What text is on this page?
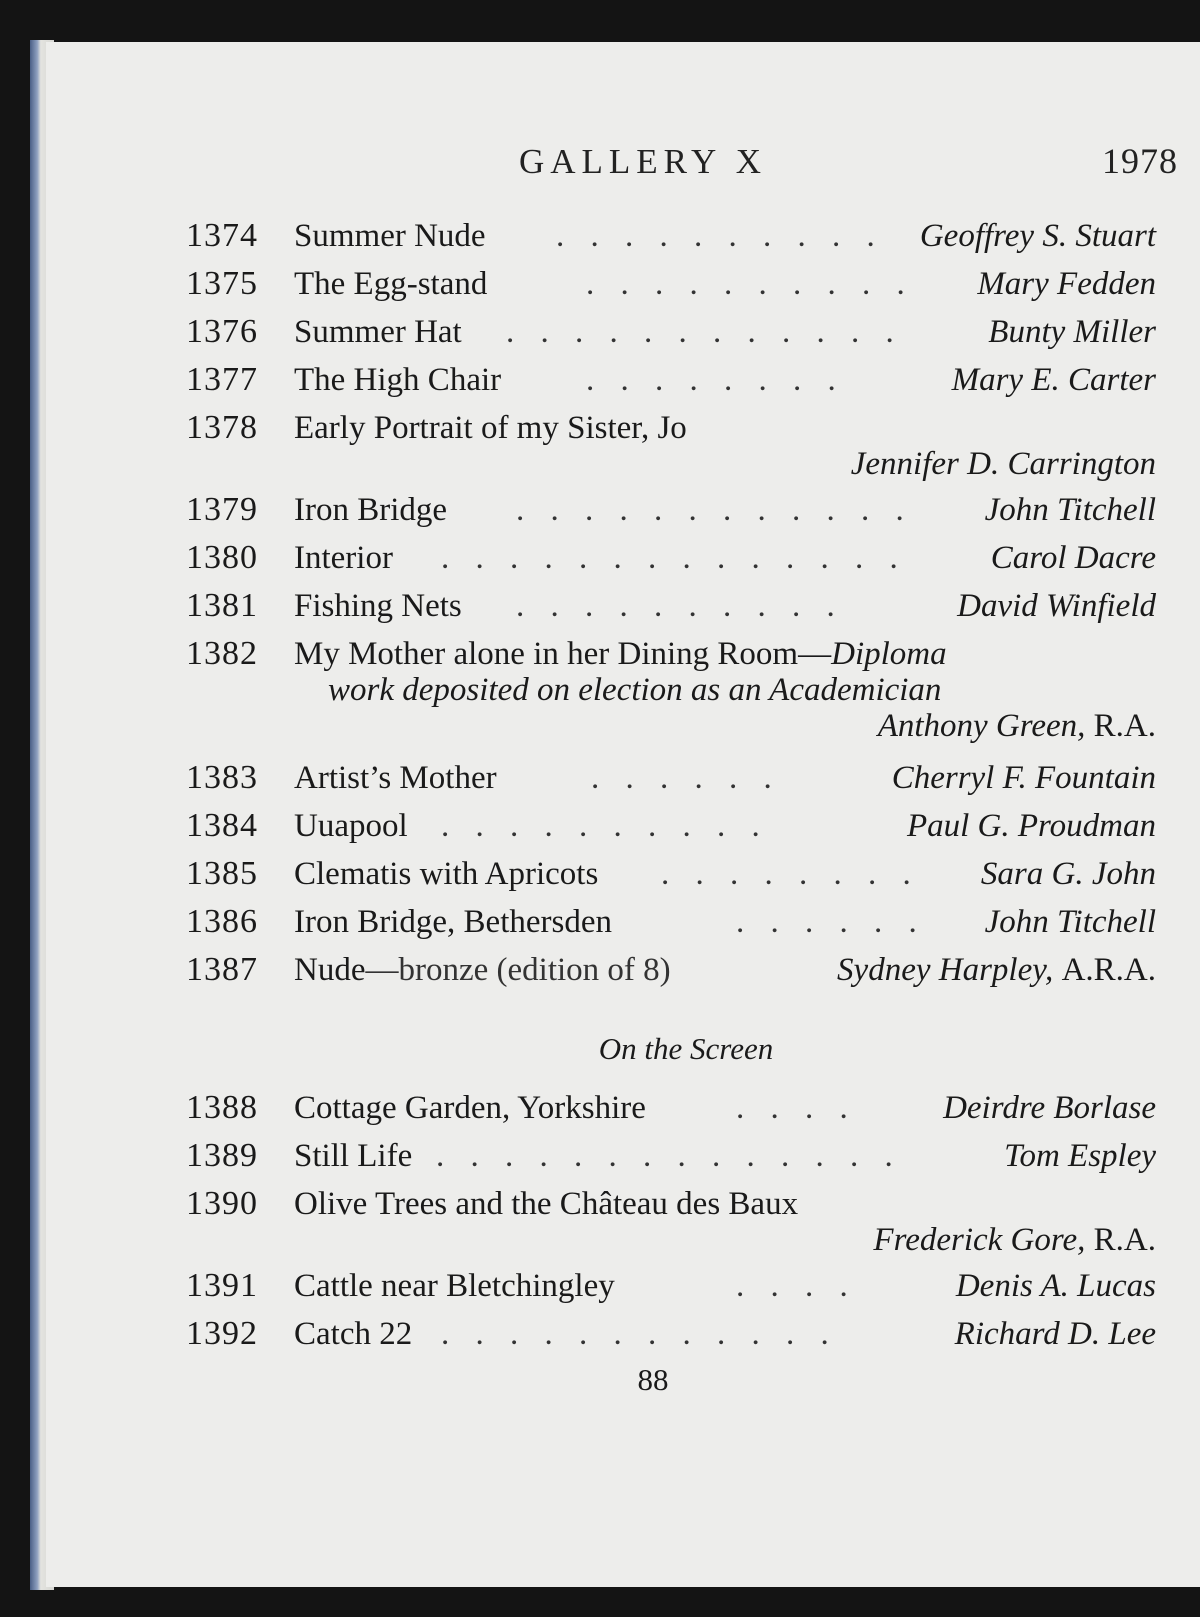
GALLERY X	1978
1374 Summer Nude . . . . . . . . . . Geoffrey S. Stuart
1375 The Egg-stand	. . . . . . . . . . Mary Fedden
1376 Summer Hat . . . . . . . . . . . .	Bunty Miller
1377 The High Chair	. . . . . . . .	Mary E. Carter
1378 Early Portrait of my Sister, Jo
Jennifer D. Carrington
1379 Iron Bridge . . . . . . . . . . . . John Titchell
1380 Interior . . . . . . . . . . . . . .	Carol Dacre
1381 Fishing Nets . . . . . . . . . .	David Winfield
1382 My Mother alone in her Dining Room—Diploma
work deposited on election as an Academician
Anthony Green, R.A.
1383 Artist’s Mother	. . . . . .	Cherryl F. Fountain
1384 Uuapool . . . . . . . . . .	Paul G. Proudman
1385 Clematis with Apricots . . . . . . . . Sara G. John
1386 Iron Bridge, Bethersden	. . . . . . John Titchell
1387 Nude—bronze (edition of 8)	Sydney Harpley, A.R.A.
On the Screen
1388 Cottage Garden, Yorkshire	. . . .	Deirdre Borlase
1389 Still Life . . . . . . . . . . . . . .	Tom Espley
1390 Olive Trees and the Château des Baux
Frederick Gore, R.A.
1391 Cattle near Bletchingley	. . . .	Denis A. Lucas
1392 Catch 22 . . . . . . . . . . . .	Richard D. Lee
88
